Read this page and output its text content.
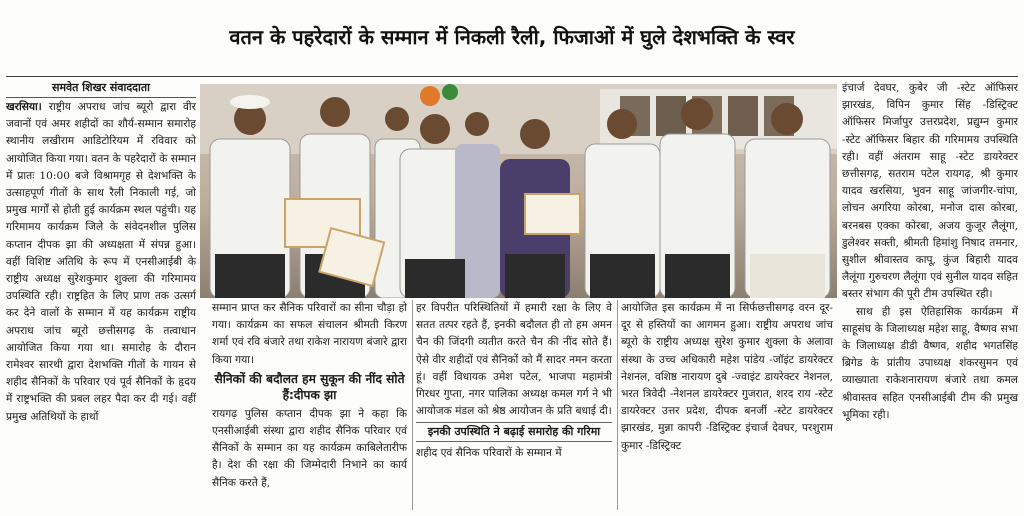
वतन के पहरेदारों के सम्मान में निकली रैली, फिजाओं में घुले देशभक्ति के स्वर
समवेत शिखर संवाददाता

खरसिया। राष्ट्रीय अपराध जांच ब्यूरो द्वारा वीर जवानों एवं अमर शहीदों का शौर्य-सम्मान समारोह स्थानीय लखीराम आडिटोरियम में रविवार को आयोजित किया गया। वतन के पहरेदारों के सम्मान में प्रातः 10:00 बजे विश्रामगृह से देशभक्ति के उत्साहपूर्ण गीतों के साथ रैली निकाली गई, जो प्रमुख मार्गों से होती हुई कार्यक्रम स्थल पहुंची। यह गरिमामय कार्यक्रम जिले के संवेदनशील पुलिस कप्तान दीपक झा की अध्यक्षता में संपन्न हुआ। वहीं विशिष्ट अतिथि के रूप में एनसीआईबी के राष्ट्रीय अध्यक्ष सुरेशकुमार शुक्ला की गरिमामय उपस्थिति रही। राष्ट्रहित के लिए प्राण तक उत्सर्ग कर देने वालों के सम्मान में यह कार्यक्रम राष्ट्रीय अपराध जांच ब्यूरो छत्तीसगढ़ के तत्वाधान आयोजित किया गया था। समारोह के दौरान रामेश्वर सारथी द्वारा देशभक्ति गीतों के गायन से शहीद सैनिकों के परिवार एवं पूर्व सैनिकों के हृदय में राष्ट्रभक्ति की प्रबल लहर पैदा कर दी गई। वहीं प्रमुख अतिथियों के हाथों

सम्मान प्राप्त कर सैनिक परिवारों का सीना चौड़ा हो गया। कार्यक्रम का सफल संचालन श्रीमती किरण शर्मा एवं रवि बंजारे तथा राकेश नारायण बंजारे द्वारा किया गया।

सैनिकों की बदौलत हम सुकून की नींद सोते हैं:दीपक झा

रायगढ़ पुलिस कप्तान दीपक झा ने कहा कि एनसीआईबी संस्था द्वारा शहीद सैनिक परिवार एवं सैनिकों के सम्मान का यह कार्यक्रम काबिलेतारीफ है। देश की रक्षा की जिम्मेदारी निभाने का कार्य सैनिक करते हैं,

हर विपरीत परिस्थितियों में हमारी रक्षा के लिए वे सतत तत्पर रहते हैं, इनकी बदौलत ही तो हम अमन चैन की जिंदगी व्यतीत करते चैन की नींद सोते हैं। ऐसे वीर शहीदों एवं सैनिकों को मैं सादर नमन करता हूं। वहीं विधायक उमेश पटेल, भाजपा महामंत्री गिरधर गुप्ता, नगर पालिका अध्यक्ष कमल गर्ग ने भी आयोजक मंडल को श्रेष्ठ आयोजन के प्रति बधाई दी।

इनकी उपस्थिति ने बढ़ाई समारोह की गरिमा

शहीद एवं सैनिक परिवारों के सम्मान में

आयोजित इस कार्यक्रम में ना सिर्फछत्तीसगढ़ वरन दूर-दूर से हस्तियों का आगमन हुआ। राष्ट्रीय अपराध जांच ब्यूरो के राष्ट्रीय अध्यक्ष सुरेश कुमार शुक्ला के अलावा संस्था के उच्च अधिकारी महेश पांडेय -जॉइंट डायरेक्टर नेशनल, वशिष्ठ नारायण दुबे -ज्वाइंट डायरेक्टर नेशनल, भरत त्रिवेदी -नेशनल डायरेक्टर गुजरात, शरद राय -स्टेट डायरेक्टर उत्तर प्रदेश, दीपक बनर्जी -स्टेट डायरेक्टर झारखंड, मुन्ना कापरी -डिस्ट्रिक्ट इंचार्ज देवघर, परशुराम कुमार -डिस्ट्रिक्ट

इंचार्ज देवघर, कुबेर जी -स्टेट ऑफिसर झारखंड, विपिन कुमार सिंह -डिस्ट्रिक्ट ऑफिसर मिर्जापुर उत्तरप्रदेश, प्रद्युम्न कुमार -स्टेट ऑफिसर बिहार की गरिमामय उपस्थिति रही। वहीं अंतराम साहू -स्टेट डायरेक्टर छत्तीसगढ़, सतराम पटेल रायगढ़, श्री कुमार यादव खरसिया, भुवन साहू जांजगीर-चांपा, लोचन अगरिया कोरबा, मनोज दास कोरबा, बरनबस एक्का कोरबा, अजय कुजूर लैलूंगा, डुलेश्वर सक्ती, श्रीमती हिमांशु निषाद तमनार, सुशील श्रीवास्तव कापू, कुंज बिहारी यादव लैलूंगा गुरुचरण लैलूंगा एवं सुनील यादव सहित बस्तर संभाग की पूरी टीम उपस्थित रही।

साथ ही इस ऐतिहासिक कार्यक्रम में साहूसंघ के जिलाध्यक्ष महेश साहू, वैष्णव सभा के जिलाध्यक्ष डीडी वैष्णव, शहीद भगतसिंह ब्रिगेड के प्रांतीय उपाध्यक्ष शंकरसुमन एवं व्याख्याता राकेशनारायण बंजारे तथा कमल श्रीवास्तव सहित एनसीआईबी टीम की प्रमुख भूमिका रही।
